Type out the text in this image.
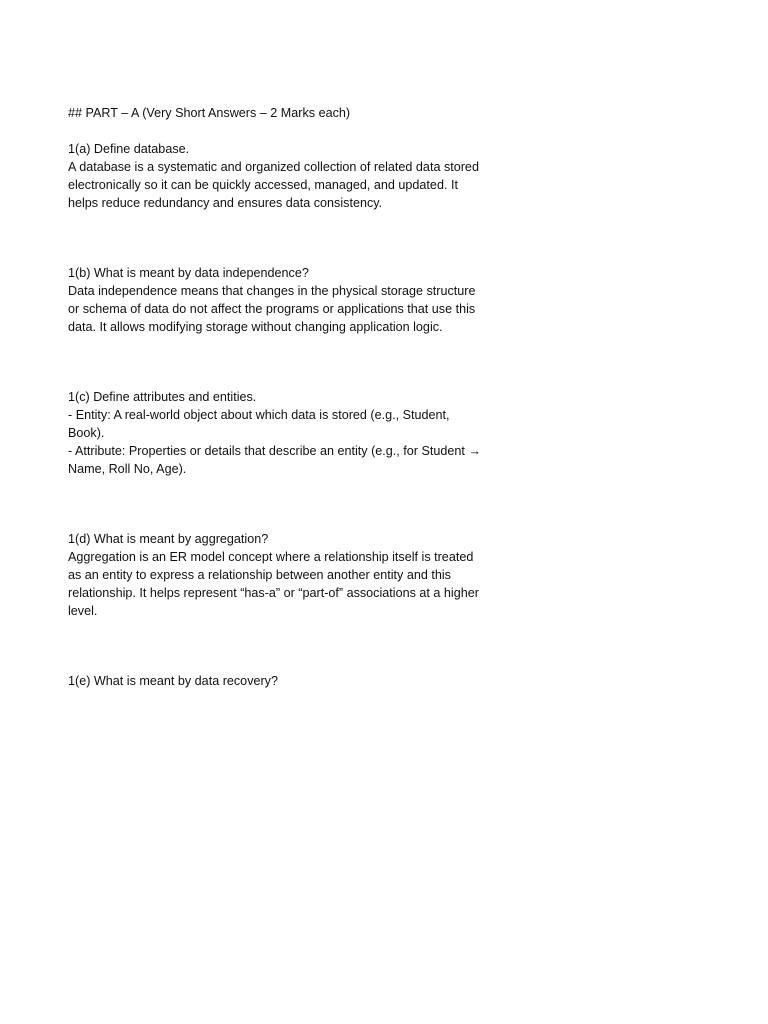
## PART – A (Very Short Answers – 2 Marks each)

1(a) Define database.

A database is a systematic and organized collection of related data stored

electronically so it can be quickly accessed, managed, and updated. It

helps reduce redundancy and ensures data consistency.

1(b) What is meant by data independence?

Data independence means that changes in the physical storage structure

or schema of data do not affect the programs or applications that use this

data. It allows modifying storage without changing application logic.

1(c) Define attributes and entities.

- Entity: A real-world object about which data is stored (e.g., Student,

Book).

- Attribute: Properties or details that describe an entity (e.g., for Student →

Name, Roll No, Age).

1(d) What is meant by aggregation?

Aggregation is an ER model concept where a relationship itself is treated

as an entity to express a relationship between another entity and this

relationship. It helps represent “has-a” or “part-of” associations at a higher

level.

1(e) What is meant by data recovery?
